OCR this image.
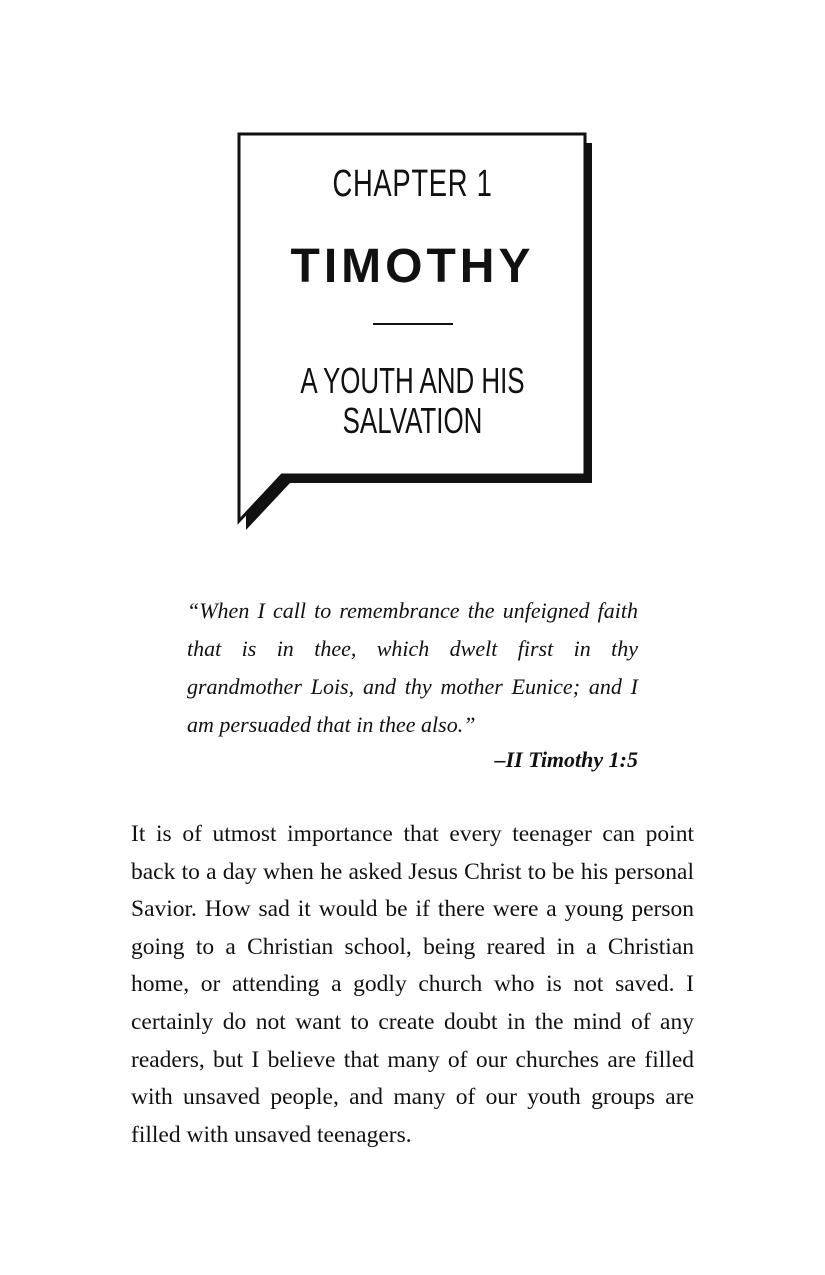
CHAPTER 1
TIMOTHY
A YOUTH AND HIS
SALVATION
“When I call to remembrance the unfeigned faith that is in thee, which dwelt first in thy grandmother Lois, and thy mother Eunice; and I am persuaded that in thee also.”
–II Timothy 1:5

It is of utmost importance that every teenager can point back to a day when he asked Jesus Christ to be his personal Savior. How sad it would be if there were a young person going to a Christian school, being reared in a Christian home, or attending a godly church who is not saved. I certainly do not want to create doubt in the mind of any readers, but I believe that many of our churches are filled with unsaved people, and many of our youth groups are filled with unsaved teenagers.
